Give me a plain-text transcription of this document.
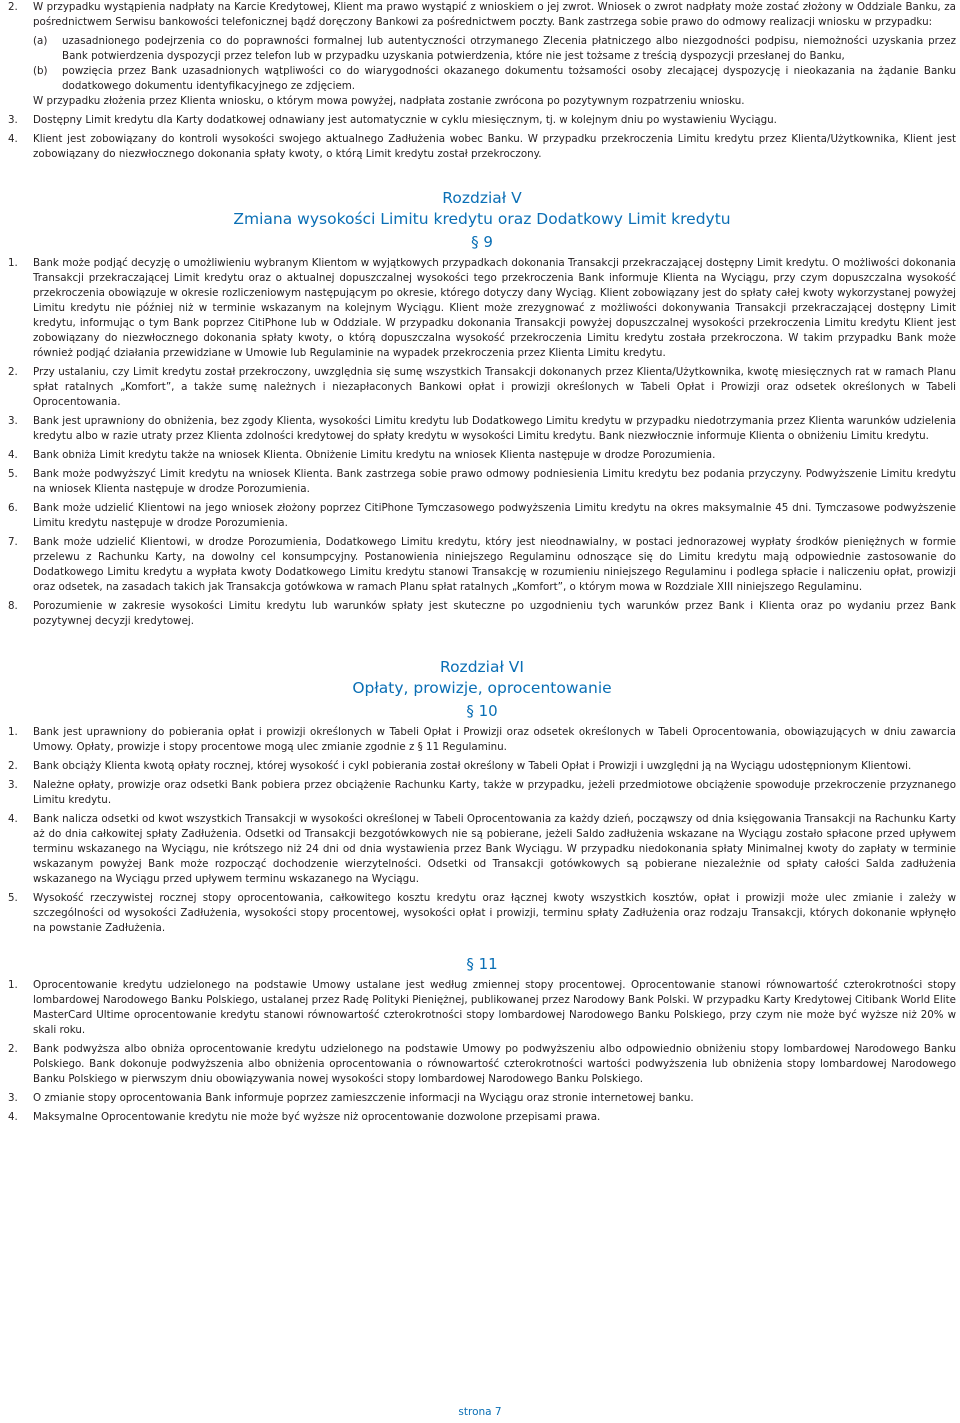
2.	W przypadku wystąpienia nadpłaty na Karcie Kredytowej, Klient ma prawo wystąpić z wnioskiem o jej zwrot. Wniosek o zwrot nadpłaty może zostać złożony w Oddziale Banku, za pośrednictwem Serwisu bankowości telefonicznej bądź doręczony Bankowi za pośrednictwem poczty. Bank zastrzega sobie prawo do odmowy realizacji wniosku w przypadku:

(a)	uzasadnionego podejrzenia co do poprawności formalnej lub autentyczności otrzymanego Zlecenia płatniczego albo niezgodności podpisu, niemożności uzyskania przez Bank potwierdzenia dyspozycji przez telefon lub w przypadku uzyskania potwierdzenia, które nie jest tożsame z treścią dyspozycji przesłanej do Banku,
(b)	powzięcia przez Bank uzasadnionych wątpliwości co do wiarygodności okazanego dokumentu tożsamości osoby zlecającej dyspozycję i nieokazania na żądanie Banku dodatkowego dokumentu identyfikacyjnego ze zdjęciem.

W przypadku złożenia przez Klienta wniosku, o którym mowa powyżej, nadpłata zostanie zwrócona po pozytywnym rozpatrzeniu wniosku.

3.	Dostępny Limit kredytu dla Karty dodatkowej odnawiany jest automatycznie w cyklu miesięcznym, tj. w kolejnym dniu po wystawieniu Wyciągu.
4.	Klient jest zobowiązany do kontroli wysokości swojego aktualnego Zadłużenia wobec Banku. W przypadku przekroczenia Limitu kredytu przez Klienta/Użytkownika, Klient jest zobowiązany do niezwłocznego dokonania spłaty kwoty, o którą Limit kredytu został przekroczony.

Rozdział V

Zmiana wysokości Limitu kredytu oraz Dodatkowy Limit kredytu

§ 9

1.	Bank może podjąć decyzję o umożliwieniu wybranym Klientom w wyjątkowych przypadkach dokonania Transakcji przekraczającej dostępny Limit kredytu. O możliwości dokonania Transakcji przekraczającej Limit kredytu oraz o aktualnej dopuszczalnej wysokości tego przekroczenia Bank informuje Klienta na Wyciągu, przy czym dopuszczalna wysokość przekroczenia obowiązuje w okresie rozliczeniowym następującym po okresie, którego dotyczy dany Wyciąg. Klient zobowiązany jest do spłaty całej kwoty wykorzystanej powyżej Limitu kredytu nie później niż w terminie wskazanym na kolejnym Wyciągu. Klient może zrezygnować z możliwości dokonywania Transakcji przekraczającej dostępny Limit kredytu, informując o tym Bank poprzez CitiPhone lub w Oddziale. W przypadku dokonania Transakcji powyżej dopuszczalnej wysokości przekroczenia Limitu kredytu Klient jest zobowiązany do niezwłocznego dokonania spłaty kwoty, o którą dopuszczalna wysokość przekroczenia Limitu kredytu została przekroczona. W takim przypadku Bank może również podjąć działania przewidziane w Umowie lub Regulaminie na wypadek przekroczenia przez Klienta Limitu kredytu.
2.	Przy ustalaniu, czy Limit kredytu został przekroczony, uwzględnia się sumę wszystkich Transakcji dokonanych przez Klienta/Użytkownika, kwotę miesięcznych rat w ramach Planu spłat ratalnych „Komfort”, a także sumę należnych i niezapłaconych Bankowi opłat i prowizji określonych w Tabeli Opłat i Prowizji oraz odsetek określonych w Tabeli Oprocentowania.
3.	Bank jest uprawniony do obniżenia, bez zgody Klienta, wysokości Limitu kredytu lub Dodatkowego Limitu kredytu w przypadku niedotrzymania przez Klienta warunków udzielenia kredytu albo w razie utraty przez Klienta zdolności kredytowej do spłaty kredytu w wysokości Limitu kredytu. Bank niezwłocznie informuje Klienta o obniżeniu Limitu kredytu.
4.	Bank obniża Limit kredytu także na wniosek Klienta. Obniżenie Limitu kredytu na wniosek Klienta następuje w drodze Porozumienia.
5.	Bank może podwyższyć Limit kredytu na wniosek Klienta. Bank zastrzega sobie prawo odmowy podniesienia Limitu kredytu bez podania przyczyny. Podwyższenie Limitu kredytu na wniosek Klienta następuje w drodze Porozumienia.
6.	Bank może udzielić Klientowi na jego wniosek złożony poprzez CitiPhone Tymczasowego podwyższenia Limitu kredytu na okres maksymalnie 45 dni. Tymczasowe podwyższenie Limitu kredytu następuje w drodze Porozumienia.
7.	Bank może udzielić Klientowi, w drodze Porozumienia, Dodatkowego Limitu kredytu, który jest nieodnawialny, w postaci jednorazowej wypłaty środków pieniężnych w formie przelewu z Rachunku Karty, na dowolny cel konsumpcyjny. Postanowienia niniejszego Regulaminu odnoszące się do Limitu kredytu mają odpowiednie zastosowanie do Dodatkowego Limitu kredytu a wypłata kwoty Dodatkowego Limitu kredytu stanowi Transakcję w rozumieniu niniejszego Regulaminu i podlega spłacie i naliczeniu opłat, prowizji oraz odsetek, na zasadach takich jak Transakcja gotówkowa w ramach Planu spłat ratalnych „Komfort”, o którym mowa w Rozdziale XIII niniejszego Regulaminu.
8.	Porozumienie w zakresie wysokości Limitu kredytu lub warunków spłaty jest skuteczne po uzgodnieniu tych warunków przez Bank i Klienta oraz po wydaniu przez Bank pozytywnej decyzji kredytowej.

Rozdział VI

Opłaty, prowizje, oprocentowanie

§ 10

1.	Bank jest uprawniony do pobierania opłat i prowizji określonych w Tabeli Opłat i Prowizji oraz odsetek określonych w Tabeli Oprocentowania, obowiązujących w dniu zawarcia Umowy. Opłaty, prowizje i stopy procentowe mogą ulec zmianie zgodnie z § 11 Regulaminu.
2.	Bank obciąży Klienta kwotą opłaty rocznej, której wysokość i cykl pobierania został określony w Tabeli Opłat i Prowizji i uwzględni ją na Wyciągu udostępnionym Klientowi.
3.	Należne opłaty, prowizje oraz odsetki Bank pobiera przez obciążenie Rachunku Karty, także w przypadku, jeżeli przedmiotowe obciążenie spowoduje przekroczenie przyznanego Limitu kredytu.
4.	Bank nalicza odsetki od kwot wszystkich Transakcji w wysokości określonej w Tabeli Oprocentowania za każdy dzień, począwszy od dnia księgowania Transakcji na Rachunku Karty aż do dnia całkowitej spłaty Zadłużenia. Odsetki od Transakcji bezgotówkowych nie są pobierane, jeżeli Saldo zadłużenia wskazane na Wyciągu zostało spłacone przed upływem terminu wskazanego na Wyciągu, nie krótszego niż 24 dni od dnia wystawienia przez Bank Wyciągu. W przypadku niedokonania spłaty Minimalnej kwoty do zapłaty w terminie wskazanym powyżej Bank może rozpocząć dochodzenie wierzytelności. Odsetki od Transakcji gotówkowych są pobierane niezależnie od spłaty całości Salda zadłużenia wskazanego na Wyciągu przed upływem terminu wskazanego na Wyciągu.
5.	Wysokość rzeczywistej rocznej stopy oprocentowania, całkowitego kosztu kredytu oraz łącznej kwoty wszystkich kosztów, opłat i prowizji może ulec zmianie i zależy w szczególności od wysokości Zadłużenia, wysokości stopy procentowej, wysokości opłat i prowizji, terminu spłaty Zadłużenia oraz rodzaju Transakcji, których dokonanie wpłynęło na powstanie Zadłużenia.

§ 11

1.	Oprocentowanie kredytu udzielonego na podstawie Umowy ustalane jest według zmiennej stopy procentowej. Oprocentowanie stanowi równowartość czterokrotności stopy lombardowej Narodowego Banku Polskiego, ustalanej przez Radę Polityki Pieniężnej, publikowanej przez Narodowy Bank Polski. W przypadku Karty Kredytowej Citibank World Elite MasterCard Ultime oprocentowanie kredytu stanowi równowartość czterokrotności stopy lombardowej Narodowego Banku Polskiego, przy czym nie może być wyższe niż 20% w skali roku.
2.	Bank podwyższa albo obniża oprocentowanie kredytu udzielonego na podstawie Umowy po podwyższeniu albo odpowiednio obniżeniu stopy lombardowej Narodowego Banku Polskiego. Bank dokonuje podwyższenia albo obniżenia oprocentowania o równowartość czterokrotności wartości podwyższenia lub obniżenia stopy lombardowej Narodowego Banku Polskiego w pierwszym dniu obowiązywania nowej wysokości stopy lombardowej Narodowego Banku Polskiego.
3.	O zmianie stopy oprocentowania Bank informuje poprzez zamieszczenie informacji na Wyciągu oraz stronie internetowej banku.
4.	Maksymalne Oprocentowanie kredytu nie może być wyższe niż oprocentowanie dozwolone przepisami prawa.
strona 7
